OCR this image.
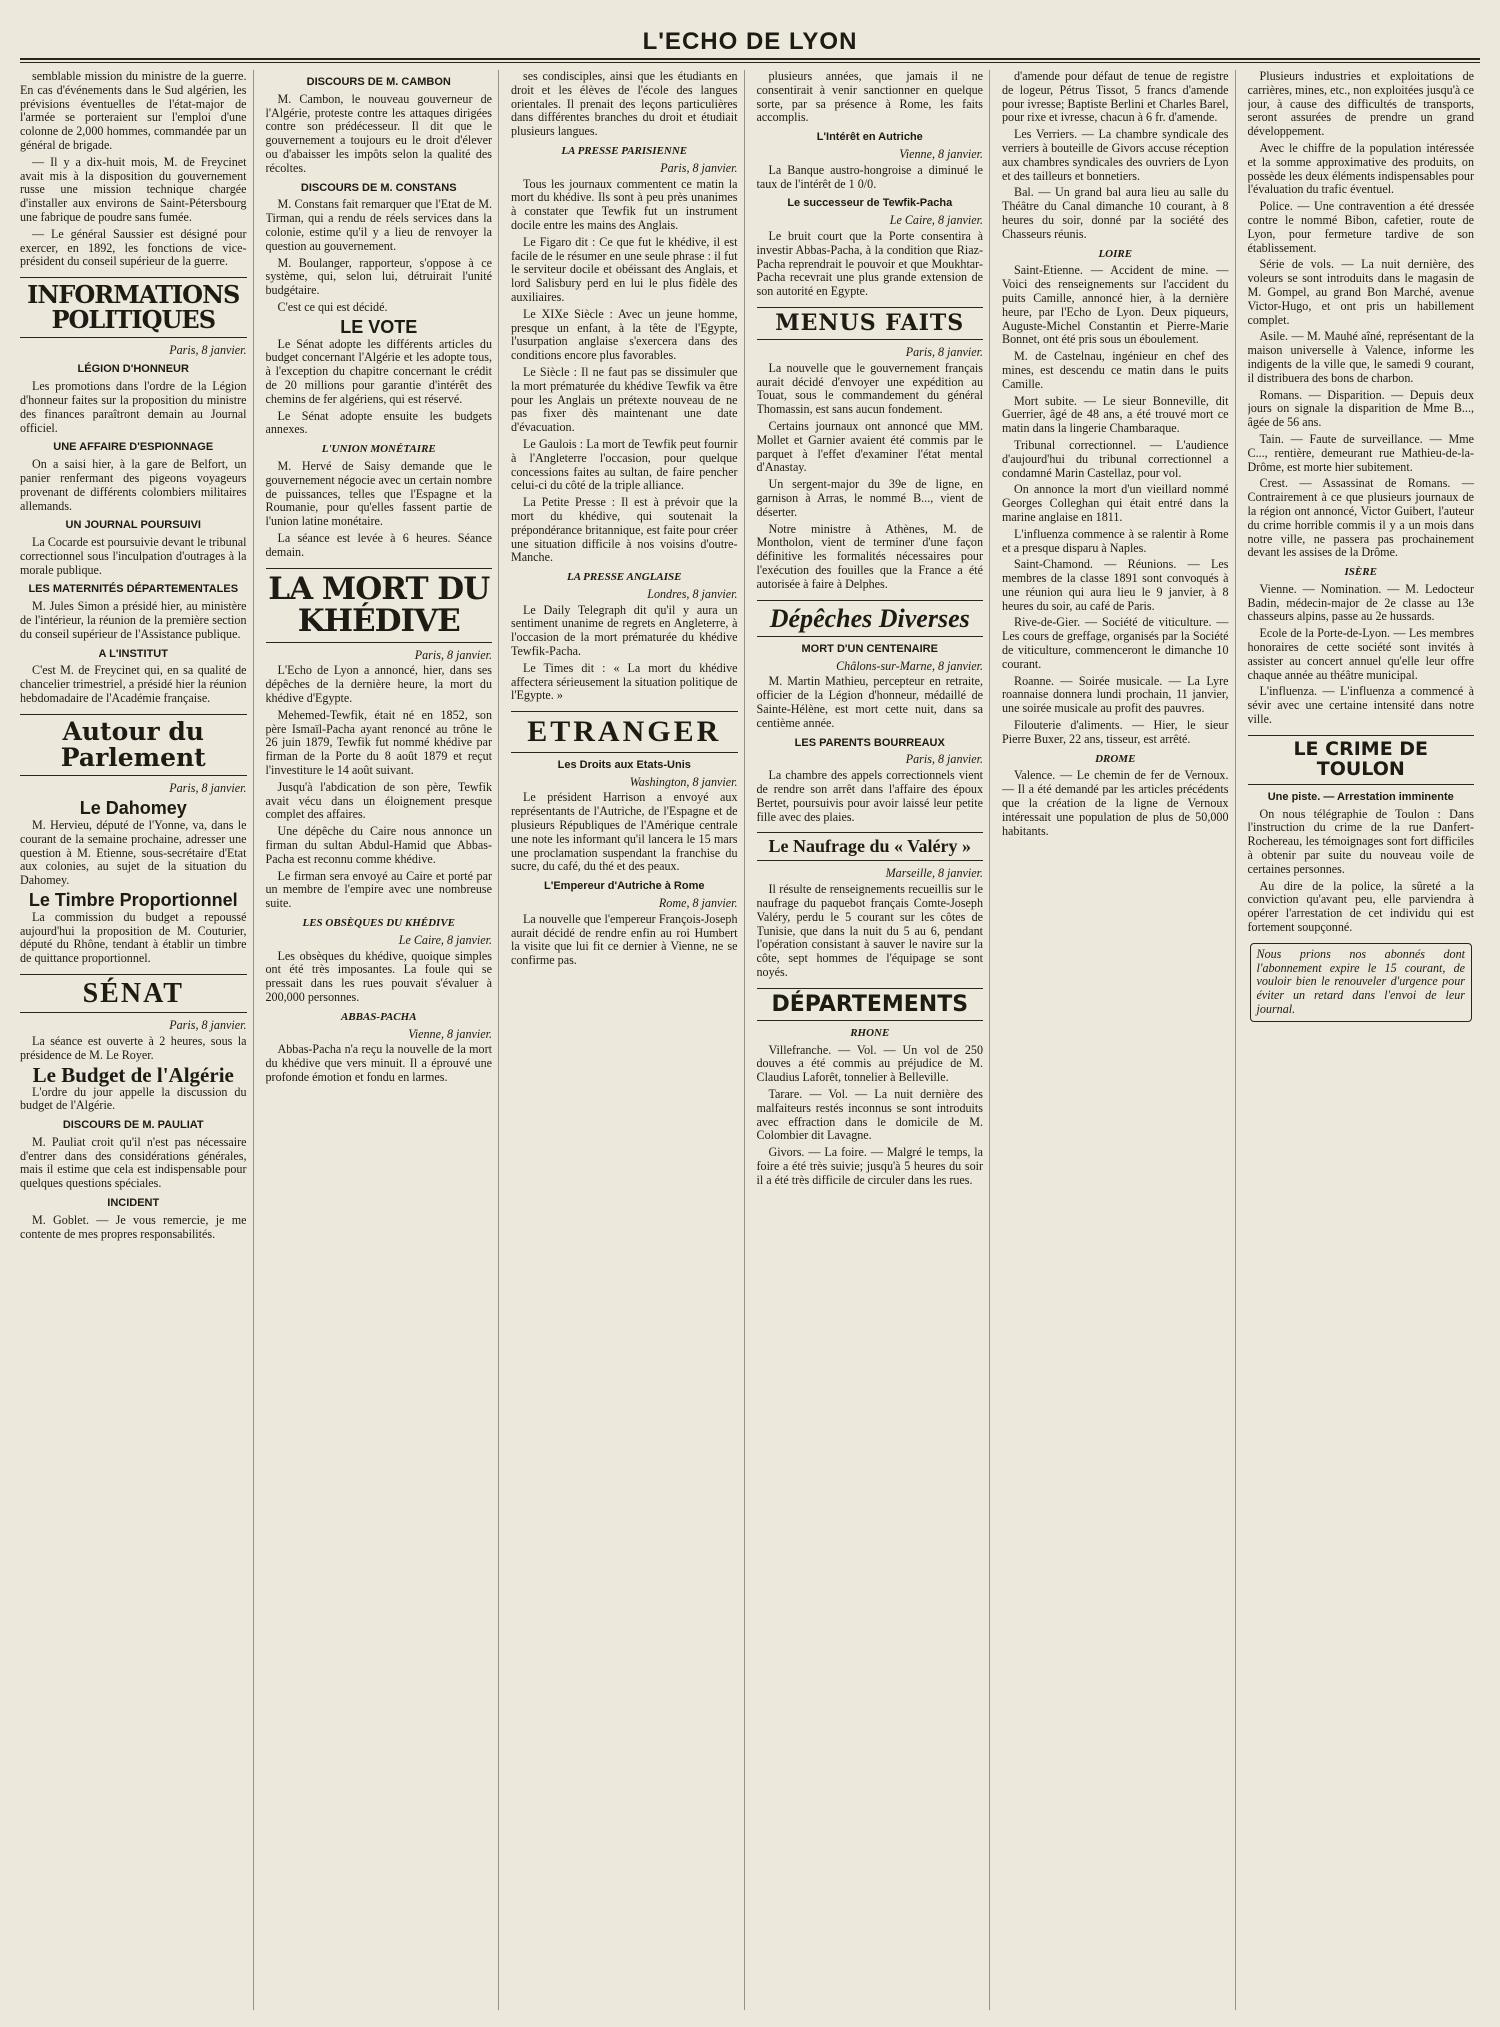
L'ECHO DE LYON

semblable mission du ministre de la guerre. En cas d'événements dans le Sud algérien, les prévisions éventuelles de l'état-major de l'armée se porteraient sur l'emploi d'une colonne de 2,000 hommes, commandée par un général de brigade.

— Il y a dix-huit mois, M. de Freycinet avait mis à la disposition du gouvernement russe une mission technique chargée d'installer aux environs de Saint-Pétersbourg une fabrique de poudre sans fumée.

— Le général Saussier est désigné pour exercer, en 1892, les fonctions de vice-président du conseil supérieur de la guerre.

INFORMATIONS POLITIQUES
Paris, 8 janvier.
LÉGION D'HONNEUR

Les promotions dans l'ordre de la Légion d'honneur faites sur la proposition du ministre des finances paraîtront demain au Journal officiel.

UNE AFFAIRE D'ESPIONNAGE

On a saisi hier, à la gare de Belfort, un panier renfermant des pigeons voyageurs provenant de différents colombiers militaires allemands.

UN JOURNAL POURSUIVI

La Cocarde est poursuivie devant le tribunal correctionnel sous l'inculpation d'outrages à la morale publique.

LES MATERNITÉS DÉPARTEMENTALES

M. Jules Simon a présidé hier, au ministère de l'intérieur, la réunion de la première section du conseil supérieur de l'Assistance publique.

A L'INSTITUT

C'est M. de Freycinet qui, en sa qualité de chancelier trimestriel, a présidé hier la réunion hebdomadaire de l'Académie française.

Autour du Parlement
Paris, 8 janvier.
Le Dahomey

M. Hervieu, député de l'Yonne, va, dans le courant de la semaine prochaine, adresser une question à M. Etienne, sous-secrétaire d'Etat aux colonies, au sujet de la situation du Dahomey.

Le Timbre Proportionnel

La commission du budget a repoussé aujourd'hui la proposition de M. Couturier, député du Rhône, tendant à établir un timbre de quittance proportionnel.

SÉNAT
Paris, 8 janvier.

La séance est ouverte à 2 heures, sous la présidence de M. Le Royer.

Le Budget de l'Algérie

L'ordre du jour appelle la discussion du budget de l'Algérie.

DISCOURS DE M. PAULIAT

M. Pauliat croit qu'il n'est pas nécessaire d'entrer dans des considérations générales, mais il estime que cela est indispensable pour quelques questions spéciales.

INCIDENT

M. Goblet. — Je vous remercie, je me contente de mes propres responsabilités.

DISCOURS DE M. CAMBON

M. Cambon, le nouveau gouverneur de l'Algérie, proteste contre les attaques dirigées contre son prédécesseur. Il dit que le gouvernement a toujours eu le droit d'élever ou d'abaisser les impôts selon la qualité des récoltes.

DISCOURS DE M. CONSTANS

M. Constans fait remarquer que l'Etat de M. Tirman, qui a rendu de réels services dans la colonie, estime qu'il y a lieu de renvoyer la question au gouvernement.

M. Boulanger, rapporteur, s'oppose à ce système, qui, selon lui, détruirait l'unité budgétaire.

C'est ce qui est décidé.

LE VOTE

Le Sénat adopte les différents articles du budget concernant l'Algérie et les adopte tous, à l'exception du chapitre concernant le crédit de 20 millions pour garantie d'intérêt des chemins de fer algériens, qui est réservé.

Le Sénat adopte ensuite les budgets annexes.

L'UNION MONÉTAIRE

M. Hervé de Saisy demande que le gouvernement négocie avec un certain nombre de puissances, telles que l'Espagne et la Roumanie, pour qu'elles fassent partie de l'union latine monétaire.

La séance est levée à 6 heures. Séance demain.

LA MORT DU KHÉDIVE
Paris, 8 janvier.

L'Echo de Lyon a annoncé, hier, dans ses dépêches de la dernière heure, la mort du khédive d'Egypte.

Mehemed-Tewfik, était né en 1852, son père Ismaïl-Pacha ayant renoncé au trône le 26 juin 1879, Tewfik fut nommé khédive par firman de la Porte du 8 août 1879 et reçut l'investiture le 14 août suivant.

Jusqu'à l'abdication de son père, Tewfik avait vécu dans un éloignement presque complet des affaires.

Une dépêche du Caire nous annonce un firman du sultan Abdul-Hamid que Abbas-Pacha est reconnu comme khédive.

Le firman sera envoyé au Caire et porté par un membre de l'empire avec une nombreuse suite.

LES OBSÈQUES DU KHÉDIVE
Le Caire, 8 janvier.

Les obsèques du khédive, quoique simples ont été très imposantes. La foule qui se pressait dans les rues pouvait s'évaluer à 200,000 personnes.

ABBAS-PACHA
Vienne, 8 janvier.

Abbas-Pacha n'a reçu la nouvelle de la mort du khédive que vers minuit. Il a éprouvé une profonde émotion et fondu en larmes.

ses condisciples, ainsi que les étudiants en droit et les élèves de l'école des langues orientales. Il prenait des leçons particulières dans différentes branches du droit et étudiait plusieurs langues.

LA PRESSE PARISIENNE
Paris, 8 janvier.

Tous les journaux commentent ce matin la mort du khédive. Ils sont à peu près unanimes à constater que Tewfik fut un instrument docile entre les mains des Anglais.

Le Figaro dit : Ce que fut le khédive, il est facile de le résumer en une seule phrase : il fut le serviteur docile et obéissant des Anglais, et lord Salisbury perd en lui le plus fidèle des auxiliaires.

Le XIXe Siècle : Avec un jeune homme, presque un enfant, à la tête de l'Egypte, l'usurpation anglaise s'exercera dans des conditions encore plus favorables.

Le Siècle : Il ne faut pas se dissimuler que la mort prématurée du khédive Tewfik va être pour les Anglais un prétexte nouveau de ne pas fixer dès maintenant une date d'évacuation.

Le Gaulois : La mort de Tewfik peut fournir à l'Angleterre l'occasion, pour quelque concessions faites au sultan, de faire pencher celui-ci du côté de la triple alliance.

La Petite Presse : Il est à prévoir que la mort du khédive, qui soutenait la prépondérance britannique, est faite pour créer une situation difficile à nos voisins d'outre-Manche.

LA PRESSE ANGLAISE
Londres, 8 janvier.

Le Daily Telegraph dit qu'il y aura un sentiment unanime de regrets en Angleterre, à l'occasion de la mort prématurée du khédive Tewfik-Pacha.

Le Times dit : « La mort du khédive affectera sérieusement la situation politique de l'Egypte. »

ETRANGER
Les Droits aux Etats-Unis
Washington, 8 janvier.

Le président Harrison a envoyé aux représentants de l'Autriche, de l'Espagne et de plusieurs Républiques de l'Amérique centrale une note les informant qu'il lancera le 15 mars une proclamation suspendant la franchise du sucre, du café, du thé et des peaux.

L'Empereur d'Autriche à Rome
Rome, 8 janvier.

La nouvelle que l'empereur François-Joseph aurait décidé de rendre enfin au roi Humbert la visite que lui fit ce dernier à Vienne, ne se confirme pas.

plusieurs années, que jamais il ne consentirait à venir sanctionner en quelque sorte, par sa présence à Rome, les faits accomplis.

L'Intérêt en Autriche
Vienne, 8 janvier.

La Banque austro-hongroise a diminué le taux de l'intérêt de 1 0/0.

Le successeur de Tewfik-Pacha
Le Caire, 8 janvier.

Le bruit court que la Porte consentira à investir Abbas-Pacha, à la condition que Riaz-Pacha reprendrait le pouvoir et que Moukhtar-Pacha recevrait une plus grande extension de son autorité en Egypte.

MENUS FAITS
Paris, 8 janvier.

La nouvelle que le gouvernement français aurait décidé d'envoyer une expédition au Touat, sous le commandement du général Thomassin, est sans aucun fondement.

Certains journaux ont annoncé que MM. Mollet et Garnier avaient été commis par le parquet à l'effet d'examiner l'état mental d'Anastay.

Un sergent-major du 39e de ligne, en garnison à Arras, le nommé B..., vient de déserter.

Notre ministre à Athènes, M. de Montholon, vient de terminer d'une façon définitive les formalités nécessaires pour l'exécution des fouilles que la France a été autorisée à faire à Delphes.

Dépêches Diverses
MORT D'UN CENTENAIRE
Châlons-sur-Marne, 8 janvier.

M. Martin Mathieu, percepteur en retraite, officier de la Légion d'honneur, médaillé de Sainte-Hélène, est mort cette nuit, dans sa centième année.

LES PARENTS BOURREAUX
Paris, 8 janvier.

La chambre des appels correctionnels vient de rendre son arrêt dans l'affaire des époux Bertet, poursuivis pour avoir laissé leur petite fille avec des plaies.

Le Naufrage du « Valéry »
Marseille, 8 janvier.

Il résulte de renseignements recueillis sur le naufrage du paquebot français Comte-Joseph Valéry, perdu le 5 courant sur les côtes de Tunisie, que dans la nuit du 5 au 6, pendant l'opération consistant à sauver le navire sur la côte, sept hommes de l'équipage se sont noyés.

DÉPARTEMENTS
RHONE

Villefranche. — Vol. — Un vol de 250 douves a été commis au préjudice de M. Claudius Laforêt, tonnelier à Belleville.

Tarare. — Vol. — La nuit dernière des malfaiteurs restés inconnus se sont introduits avec effraction dans le domicile de M. Colombier dit Lavagne.

Givors. — La foire. — Malgré le temps, la foire a été très suivie; jusqu'à 5 heures du soir il a été très difficile de circuler dans les rues.

d'amende pour défaut de tenue de registre de logeur, Pétrus Tissot, 5 francs d'amende pour ivresse; Baptiste Berlini et Charles Barel, pour rixe et ivresse, chacun à 6 fr. d'amende.

Les Verriers. — La chambre syndicale des verriers à bouteille de Givors accuse réception aux chambres syndicales des ouvriers de Lyon et des tailleurs et bonnetiers.

Bal. — Un grand bal aura lieu au salle du Théâtre du Canal dimanche 10 courant, à 8 heures du soir, donné par la société des Chasseurs réunis.

LOIRE

Saint-Etienne. — Accident de mine. — Voici des renseignements sur l'accident du puits Camille, annoncé hier, à la dernière heure, par l'Echo de Lyon. Deux piqueurs, Auguste-Michel Constantin et Pierre-Marie Bonnet, ont été pris sous un éboulement.

M. de Castelnau, ingénieur en chef des mines, est descendu ce matin dans le puits Camille.

Mort subite. — Le sieur Bonneville, dit Guerrier, âgé de 48 ans, a été trouvé mort ce matin dans la lingerie Chambaraque.

Tribunal correctionnel. — L'audience d'aujourd'hui du tribunal correctionnel a condamné Marin Castellaz, pour vol.

On annonce la mort d'un vieillard nommé Georges Colleghan qui était entré dans la marine anglaise en 1811.

L'influenza commence à se ralentir à Rome et a presque disparu à Naples.

Saint-Chamond. — Réunions. — Les membres de la classe 1891 sont convoqués à une réunion qui aura lieu le 9 janvier, à 8 heures du soir, au café de Paris.

Rive-de-Gier. — Société de viticulture. — Les cours de greffage, organisés par la Société de viticulture, commenceront le dimanche 10 courant.

Roanne. — Soirée musicale. — La Lyre roannaise donnera lundi prochain, 11 janvier, une soirée musicale au profit des pauvres.

Filouterie d'aliments. — Hier, le sieur Pierre Buxer, 22 ans, tisseur, est arrêté.

DROME

Valence. — Le chemin de fer de Vernoux. — Il a été demandé par les articles précédents que la création de la ligne de Vernoux intéressait une population de plus de 50,000 habitants.

Plusieurs industries et exploitations de carrières, mines, etc., non exploitées jusqu'à ce jour, à cause des difficultés de transports, seront assurées de prendre un grand développement.

Avec le chiffre de la population intéressée et la somme approximative des produits, on possède les deux éléments indispensables pour l'évaluation du trafic éventuel.

Police. — Une contravention a été dressée contre le nommé Bibon, cafetier, route de Lyon, pour fermeture tardive de son établissement.

Série de vols. — La nuit dernière, des voleurs se sont introduits dans le magasin de M. Gompel, au grand Bon Marché, avenue Victor-Hugo, et ont pris un habillement complet.

Asile. — M. Mauhé aîné, représentant de la maison universelle à Valence, informe les indigents de la ville que, le samedi 9 courant, il distribuera des bons de charbon.

Romans. — Disparition. — Depuis deux jours on signale la disparition de Mme B..., âgée de 56 ans.

Tain. — Faute de surveillance. — Mme C..., rentière, demeurant rue Mathieu-de-la-Drôme, est morte hier subitement.

Crest. — Assassinat de Romans. — Contrairement à ce que plusieurs journaux de la région ont annoncé, Victor Guibert, l'auteur du crime horrible commis il y a un mois dans notre ville, ne passera pas prochainement devant les assises de la Drôme.

ISÈRE

Vienne. — Nomination. — M. Ledocteur Badin, médecin-major de 2e classe au 13e chasseurs alpins, passe au 2e hussards.

Ecole de la Porte-de-Lyon. — Les membres honoraires de cette société sont invités à assister au concert annuel qu'elle leur offre chaque année au théâtre municipal.

L'influenza. — L'influenza a commencé à sévir avec une certaine intensité dans notre ville.

LE CRIME DE TOULON
Une piste. — Arrestation imminente

On nous télégraphie de Toulon : Dans l'instruction du crime de la rue Danfert-Rochereau, les témoignages sont fort difficiles à obtenir par suite du nouveau voile de certaines personnes.

Au dire de la police, la sûreté a la conviction qu'avant peu, elle parviendra à opérer l'arrestation de cet individu qui est fortement soupçonné.

Nous prions nos abonnés dont l'abonnement expire le 15 courant, de vouloir bien le renouveler d'urgence pour éviter un retard dans l'envoi de leur journal.
